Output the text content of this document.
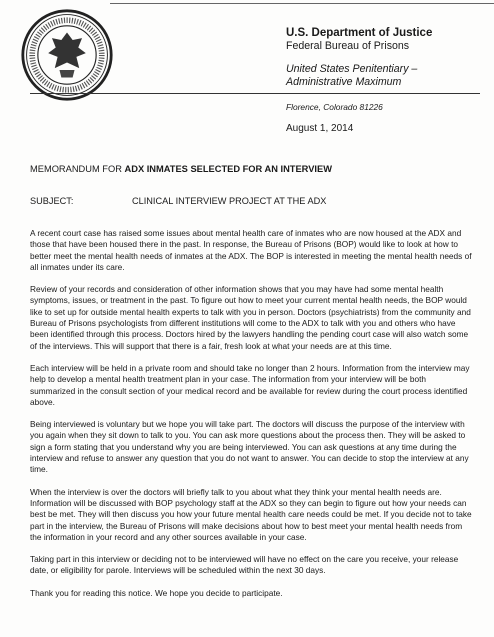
U.S. Department of Justice
Federal Bureau of Prisons
United States Penitentiary –
Administrative Maximum
Florence, Colorado 81226
August 1, 2014
MEMORANDUM FOR ADX INMATES SELECTED FOR AN INTERVIEW
SUBJECT:	CLINICAL INTERVIEW PROJECT AT THE ADX

A recent court case has raised some issues about mental health care of inmates who are now housed at the ADX and those that have been housed there in the past. In response, the Bureau of Prisons (BOP) would like to look at how to better meet the mental health needs of inmates at the ADX. The BOP is interested in meeting the mental health needs of all inmates under its care.

Review of your records and consideration of other information shows that you may have had some mental health symptoms, issues, or treatment in the past. To figure out how to meet your current mental health needs, the BOP would like to set up for outside mental health experts to talk with you in person. Doctors (psychiatrists) from the community and Bureau of Prisons psychologists from different institutions will come to the ADX to talk with you and others who have been identified through this process. Doctors hired by the lawyers handling the pending court case will also watch some of the interviews. This will support that there is a fair, fresh look at what your needs are at this time.

Each interview will be held in a private room and should take no longer than 2 hours. Information from the interview may help to develop a mental health treatment plan in your case. The information from your interview will be both summarized in the consult section of your medical record and be available for review during the court process identified above.

Being interviewed is voluntary but we hope you will take part. The doctors will discuss the purpose of the interview with you again when they sit down to talk to you. You can ask more questions about the process then. They will be asked to sign a form stating that you understand why you are being interviewed. You can ask questions at any time during the interview and refuse to answer any question that you do not want to answer. You can decide to stop the interview at any time.

When the interview is over the doctors will briefly talk to you about what they think your mental health needs are. Information will be discussed with BOP psychology staff at the ADX so they can begin to figure out how your needs can best be met. They will then discuss you how your future mental health care needs could be met. If you decide not to take part in the interview, the Bureau of Prisons will make decisions about how to best meet your mental health needs from the information in your record and any other sources available in your case.

Taking part in this interview or deciding not to be interviewed will have no effect on the care you receive, your release date, or eligibility for parole. Interviews will be scheduled within the next 30 days.

Thank you for reading this notice. We hope you decide to participate.
